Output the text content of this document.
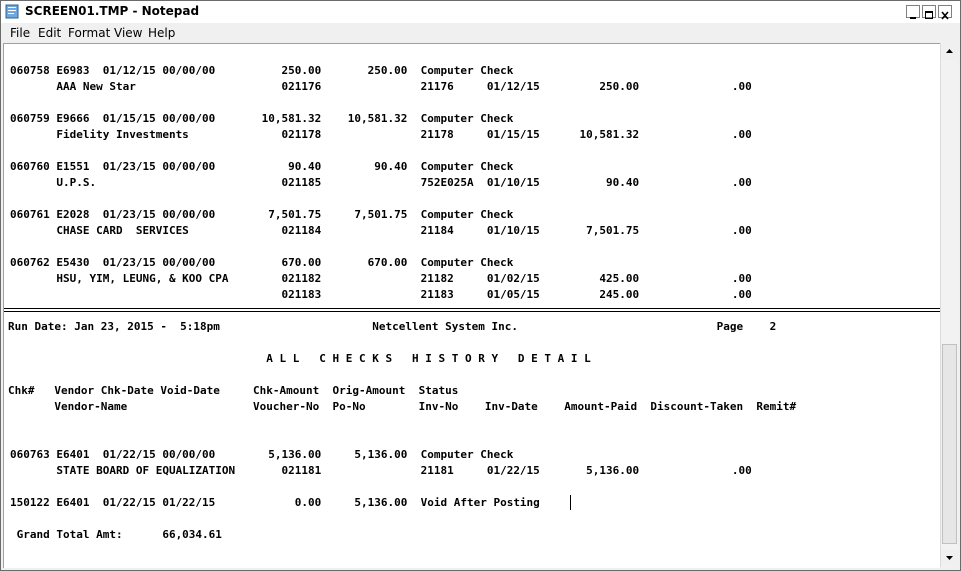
SCREEN01.TMP - Notepad
File Edit Format View Help
060758 E6983  01/12/15 00/00/00          250.00       250.00  Computer Check
AAA New Star                      021176               21176     01/12/15         250.00              .00
060759 E9666  01/15/15 00/00/00       10,581.32    10,581.32  Computer Check
Fidelity Investments              021178               21178     01/15/15      10,581.32              .00
060760 E1551  01/23/15 00/00/00           90.40        90.40  Computer Check
U.P.S.                            021185               752E025A  01/10/15          90.40              .00
060761 E2028  01/23/15 00/00/00        7,501.75     7,501.75  Computer Check
CHASE CARD  SERVICES              021184               21184     01/10/15       7,501.75              .00
060762 E5430  01/23/15 00/00/00          670.00       670.00  Computer Check
HSU, YIM, LEUNG, & KOO CPA        021182               21182     01/02/15         425.00              .00
021183               21183     01/05/15         245.00              .00
Run Date: Jan 23, 2015 -  5:18pm                       Netcellent System Inc.                              Page    2
A L L   C H E C K S   H I S T O R Y   D E T A I L
Chk#   Vendor Chk-Date Void-Date     Chk-Amount  Orig-Amount  Status
Vendor-Name                   Voucher-No  Po-No        Inv-No    Inv-Date    Amount-Paid  Discount-Taken  Remit#
060763 E6401  01/22/15 00/00/00        5,136.00     5,136.00  Computer Check
STATE BOARD OF EQUALIZATION       021181               21181     01/22/15       5,136.00              .00
150122 E6401  01/22/15 01/22/15            0.00     5,136.00  Void After Posting
Grand Total Amt:      66,034.61
